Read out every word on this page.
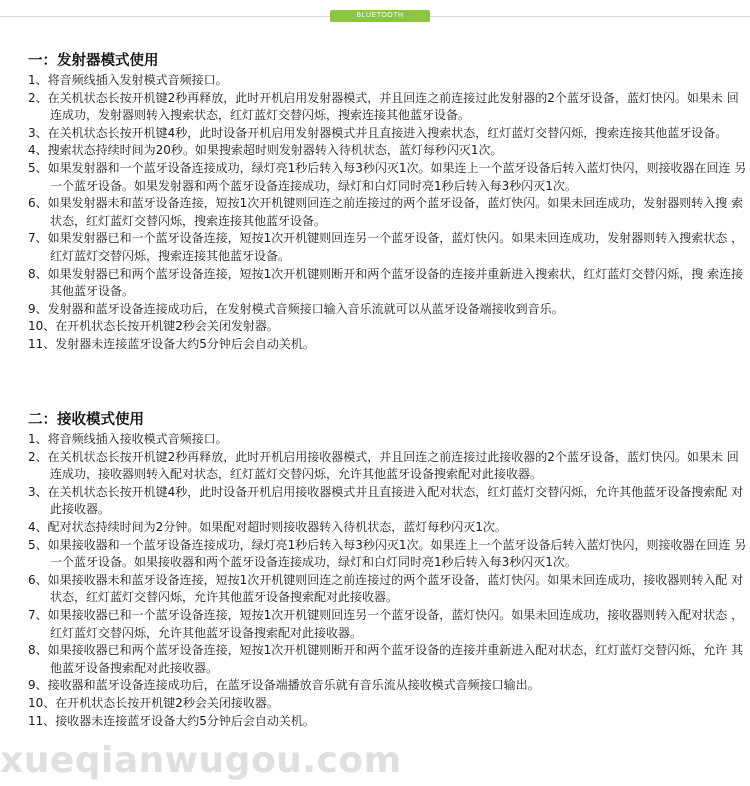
BLUETOOTH
一：发射器模式使用

1、将音频线插入发射模式音频接口。

2、在关机状态长按开机键2秒再释放，此时开机启用发射器模式，并且回连之前连接过此发射器的2个蓝牙设备，蓝灯快闪。如果未 回连成功，发射器则转入搜索状态，红灯蓝灯交替闪烁，搜索连接其他蓝牙设备。

3、在关机状态长按开机键4秒，此时设备开机启用发射器模式并且直接进入搜索状态，红灯蓝灯交替闪烁，搜索连接其他蓝牙设备。

4、搜索状态持续时间为20秒。如果搜索超时则发射器转入待机状态，蓝灯每秒闪灭1次。

5、如果发射器和一个蓝牙设备连接成功，绿灯亮1秒后转入每3秒闪灭1次。如果连上一个蓝牙设备后转入蓝灯快闪，则接收器在回连 另一个蓝牙设备。如果发射器和两个蓝牙设备连接成功，绿灯和白灯同时亮1秒后转入每3秒闪灭1次。

6、如果发射器未和蓝牙设备连接，短按1次开机键则回连之前连接过的两个蓝牙设备，蓝灯快闪。如果未回连成功，发射器则转入搜 索状态，红灯蓝灯交替闪烁，搜索连接其他蓝牙设备。

7、如果发射器已和一个蓝牙设备连接，短按1次开机键则回连另一个蓝牙设备，蓝灯快闪。如果未回连成功，发射器则转入搜索状态 ，红灯蓝灯交替闪烁，搜索连接其他蓝牙设备。

8、如果发射器已和两个蓝牙设备连接，短按1次开机键则断开和两个蓝牙设备的连接并重新进入搜索状，红灯蓝灯交替闪烁，搜 索连接其他蓝牙设备。

9、发射器和蓝牙设备连接成功后，在发射模式音频接口输入音乐流就可以从蓝牙设备端接收到音乐。

10、在开机状态长按开机键2秒会关闭发射器。

11、发射器未连接蓝牙设备大约5分钟后会自动关机。

二：接收模式使用

1、将音频线插入接收模式音频接口。

2、在关机状态长按开机键2秒再释放，此时开机启用接收器模式，并且回连之前连接过此接收器的2个蓝牙设备，蓝灯快闪。如果未 回连成功，接收器则转入配对状态，红灯蓝灯交替闪烁，允许其他蓝牙设备搜索配对此接收器。

3、在关机状态长按开机键4秒，此时设备开机启用接收器模式并且直接进入配对状态，红灯蓝灯交替闪烁，允许其他蓝牙设备搜索配 对此接收器。

4、配对状态持续时间为2分钟。如果配对超时则接收器转入待机状态，蓝灯每秒闪灭1次。

5、如果接收器和一个蓝牙设备连接成功，绿灯亮1秒后转入每3秒闪灭1次。如果连上一个蓝牙设备后转入蓝灯快闪，则接收器在回连 另一个蓝牙设备。如果接收器和两个蓝牙设备连接成功，绿灯和白灯同时亮1秒后转入每3秒闪灭1次。

6、如果接收器未和蓝牙设备连接，短按1次开机键则回连之前连接过的两个蓝牙设备，蓝灯快闪。如果未回连成功，接收器则转入配 对状态，红灯蓝灯交替闪烁，允许其他蓝牙设备搜索配对此接收器。

7、如果接收器已和一个蓝牙设备连接，短按1次开机键则回连另一个蓝牙设备，蓝灯快闪。如果未回连成功，接收器则转入配对状态 ，红灯蓝灯交替闪烁，允许其他蓝牙设备搜索配对此接收器。

8、如果接收器已和两个蓝牙设备连接，短按1次开机键则断开和两个蓝牙设备的连接并重新进入配对状态，红灯蓝灯交替闪烁，允许 其他蓝牙设备搜索配对此接收器。

9、接收器和蓝牙设备连接成功后，在蓝牙设备端播放音乐就有音乐流从接收模式音频接口输出。

10、在开机状态长按开机键2秒会关闭接收器。

11、接收器未连接蓝牙设备大约5分钟后会自动关机。

xueqianwugou.com
